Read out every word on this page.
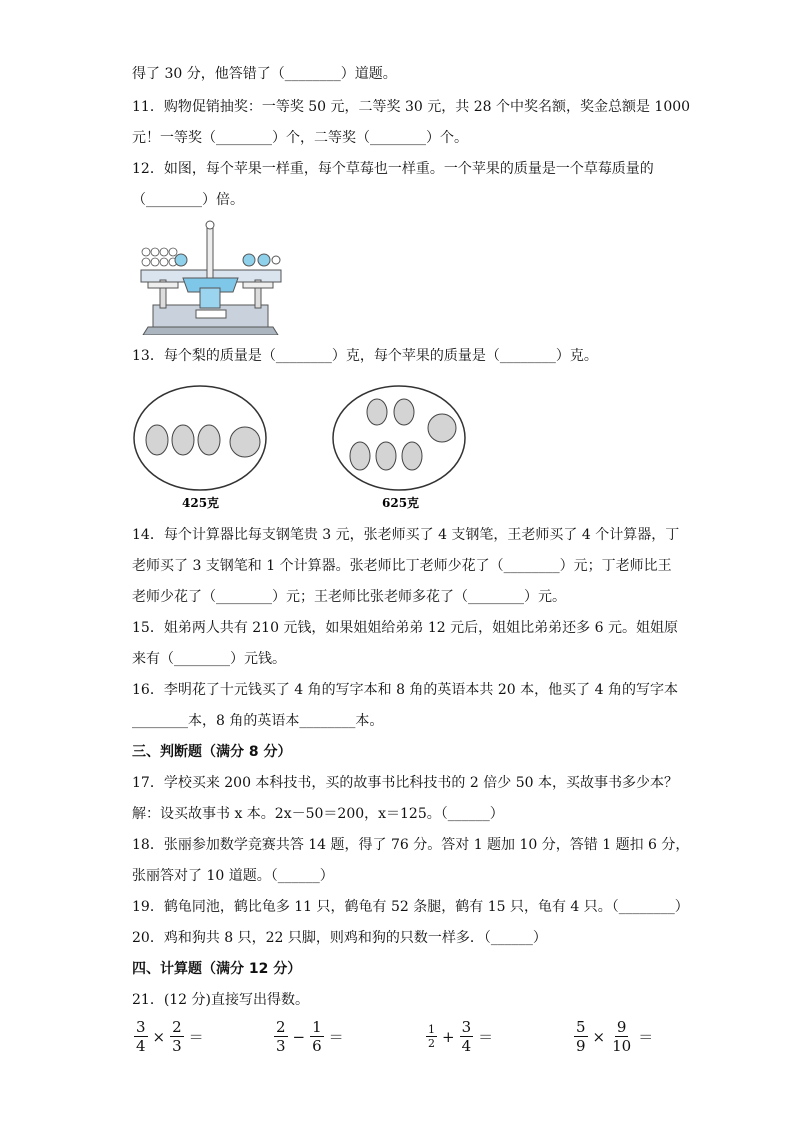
得了 30 分，他答错了（________）道题。
11．购物促销抽奖：一等奖 50 元，二等奖 30 元，共 28 个中奖名额，奖金总额是 1000
元！一等奖（________）个，二等奖（________）个。
12．如图，每个苹果一样重，每个草莓也一样重。一个苹果的质量是一个草莓质量的
（________）倍。
13．每个梨的质量是（________）克，每个苹果的质量是（________）克。
425克	625克
14．每个计算器比每支钢笔贵 3 元，张老师买了 4 支钢笔，王老师买了 4 个计算器，丁
老师买了 3 支钢笔和 1 个计算器。张老师比丁老师少花了（________）元；丁老师比王
老师少花了（________）元；王老师比张老师多花了（________）元。
15．姐弟两人共有 210 元钱，如果姐姐给弟弟 12 元后，姐姐比弟弟还多 6 元。姐姐原
来有（________）元钱。
16．李明花了十元钱买了 4 角的写字本和 8 角的英语本共 20 本，他买了 4 角的写字本
________本，8 角的英语本________本。
三、判断题（满分 8 分）
17．学校买来 200 本科技书，买的故事书比科技书的 2 倍少 50 本，买故事书多少本？
解：设买故事书 x 本。2x－50＝200，x＝125。（______）
18．张丽参加数学竞赛共答 14 题，得了 76 分。答对 1 题加 10 分，答错 1 题扣 6 分，
张丽答对了 10 道题。（______）
19．鹤龟同池，鹤比龟多 11 只，鹤龟有 52 条腿，鹤有 15 只，龟有 4 只。（________）
20．鸡和狗共 8 只，22 只脚，则鸡和狗的只数一样多．（______）
四、计算题（满分 12 分）
21．(12 分)直接写出得数。
$\frac{3}{4} \times \frac{2}{3}$ ＝	$\frac{2}{3} - \frac{1}{6}$ ＝	$\frac{1}{2} + \frac{3}{4}$ ＝	$\frac{5}{9} \times \frac{9}{10}$ ＝
